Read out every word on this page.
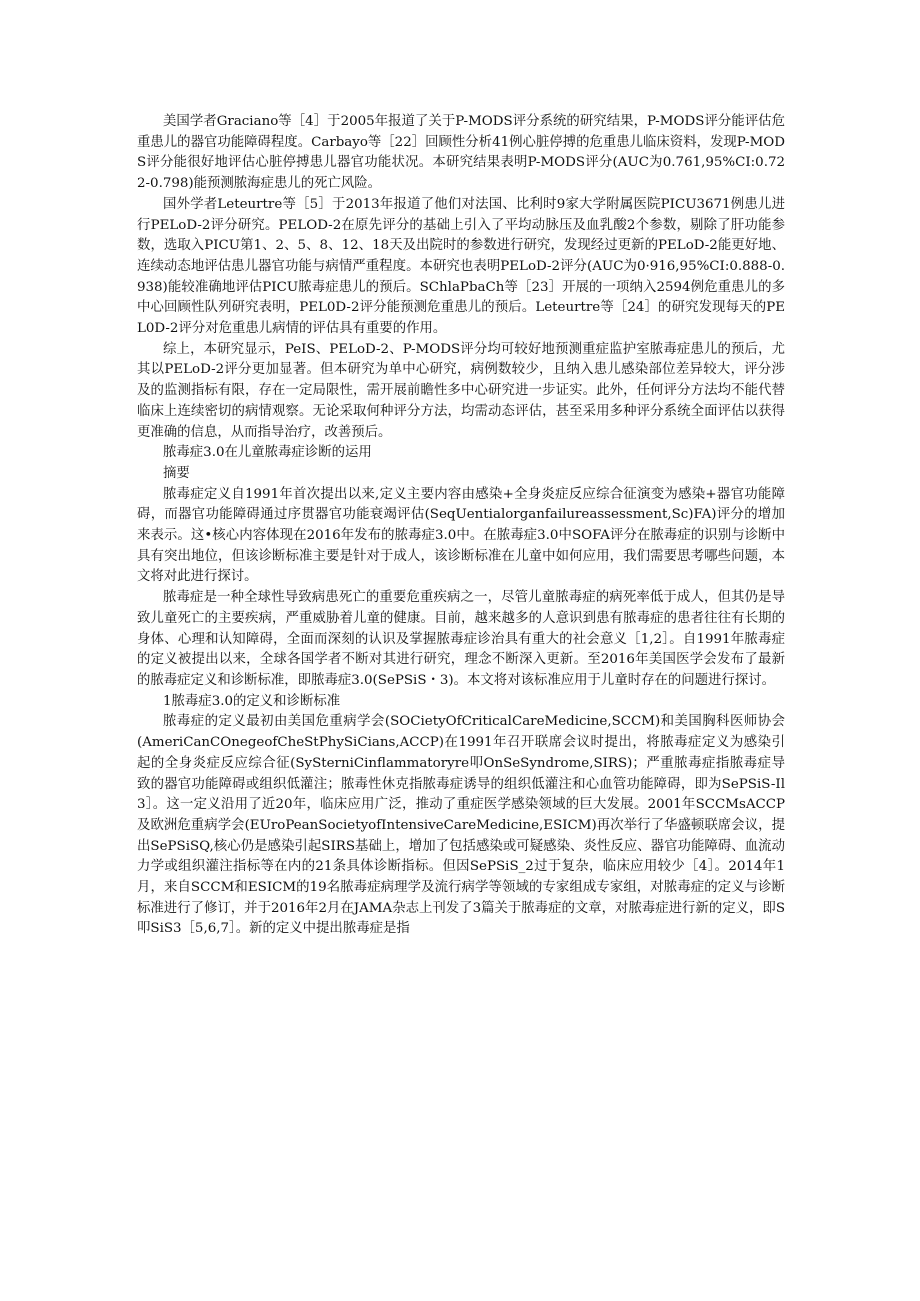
美国学者Graciano等［4］于2005年报道了关于P-MODS评分系统的研究结果，P-MODS评分能评估危重患儿的器官功能障碍程度。Carbayo等［22］回顾性分析41例心脏停搏的危重患儿临床资料，发现P-MODS评分能很好地评估心脏停搏患儿器官功能状况。本研究结果表明P-MODS评分(AUC为0.761,95%CI:0.722-0.798)能预测脓海症患儿的死亡风险。

国外学者Leteurtre等［5］于2013年报道了他们对法国、比利时9家大学附属医院PICU3671例患儿进行PELoD-2评分研究。PELOD-2在原先评分的基础上引入了平均动脉压及血乳酸2个参数，剔除了肝功能参数，选取入PICU第1、2、5、8、12、18天及出院时的参数进行研究，发现经过更新的PELoD-2能更好地、连续动态地评估患儿器官功能与病情严重程度。本研究也表明PELoD-2评分(AUC为0·916,95%CI:0.888-0.938)能较准确地评估PICU脓毒症患儿的预后。SChlaPbaCh等［23］开展的一项纳入2594例危重患儿的多中心回顾性队列研究表明，PEL0D-2评分能预测危重患儿的预后。Leteurtre等［24］的研究发现每天的PEL0D-2评分对危重患儿病情的评估具有重要的作用。

综上，本研究显示，PeIS、PELoD-2、P-MODS评分均可较好地预测重症监护室脓毒症患儿的预后，尤其以PELoD-2评分更加显著。但本研究为单中心研究，病例数较少，且纳入患儿感染部位差异较大，评分涉及的监测指标有限，存在一定局限性，需开展前瞻性多中心研究进一步证实。此外，任何评分方法均不能代替临床上连续密切的病情观察。无论采取何种评分方法，均需动态评估，甚至采用多种评分系统全面评估以获得更准确的信息，从而指导治疗，改善预后。

脓毒症3.0在儿童脓毒症诊断的运用

摘要

脓毒症定义自1991年首次提出以来,定义主要内容由感染+全身炎症反应综合征演变为感染+器官功能障碍，而器官功能障碍通过序贯器官功能衰竭评估(SeqUentialorganfailureassessment,Sc)FA)评分的增加来表示。这•核心内容体现在2016年发布的脓毒症3.0中。在脓毒症3.0中SOFA评分在脓毒症的识别与诊断中具有突出地位，但该诊断标准主要是针对于成人，该诊断标准在儿童中如何应用，我们需要思考哪些问题，本文将对此进行探讨。

脓毒症是一种全球性导致病患死亡的重要危重疾病之一，尽管儿童脓毒症的病死率低于成人，但其仍是导致儿童死亡的主要疾病，严重威胁着儿童的健康。目前，越来越多的人意识到患有脓毒症的患者往往有长期的身体、心理和认知障碍，全面而深刻的认识及掌握脓毒症诊治具有重大的社会意义［1,2］。自1991年脓毒症的定义被提出以来，全球各国学者不断对其进行研究，理念不断深入更新。至2016年美国医学会发布了最新的脓毒症定义和诊断标准，即脓毒症3.0(SePSiS・3)。本文将对该标准应用于儿童时存在的问题进行探讨。

1脓毒症3.0的定义和诊断标准

脓毒症的定义最初由美国危重病学会(SOCietyOfCriticalCareMedicine,SCCM)和美国胸科医师协会(AmeriCanCOnegeofCheStPhySiCians,ACCP)在1991年召开联席会议时提出，将脓毒症定义为感染引起的全身炎症反应综合征(SySterniCinflammatoryre叩OnSeSyndrome,SIRS)；严重脓毒症指脓毒症导致的器官功能障碍或组织低灌注；脓毒性休克指脓毒症诱导的组织低灌注和心血管功能障碍，即为SePSiS-Il3］。这一定义沿用了近20年，临床应用广泛，推动了重症医学感染领域的巨大发展。2001年SCCMsACCP及欧洲危重病学会(EUroPeanSocietyofIntensiveCareMedicine,ESICM)再次举行了华盛顿联席会议，提出SePSiSQ,核心仍是感染引起SIRS基础上，增加了包括感染或可疑感染、炎性反应、器官功能障碍、血流动力学或组织灌注指标等在内的21条具体诊断指标。但因SePSiS_2过于复杂，临床应用较少［4］。2014年1月，来自SCCM和ESICM的19名脓毒症病理学及流行病学等领域的专家组成专家组，对脓毒症的定义与诊断标准进行了修订，并于2016年2月在JAMA杂志上刊发了3篇关于脓毒症的文章，对脓毒症进行新的定义，即S叩SiS3［5,6,7］。新的定义中提出脓毒症是指
